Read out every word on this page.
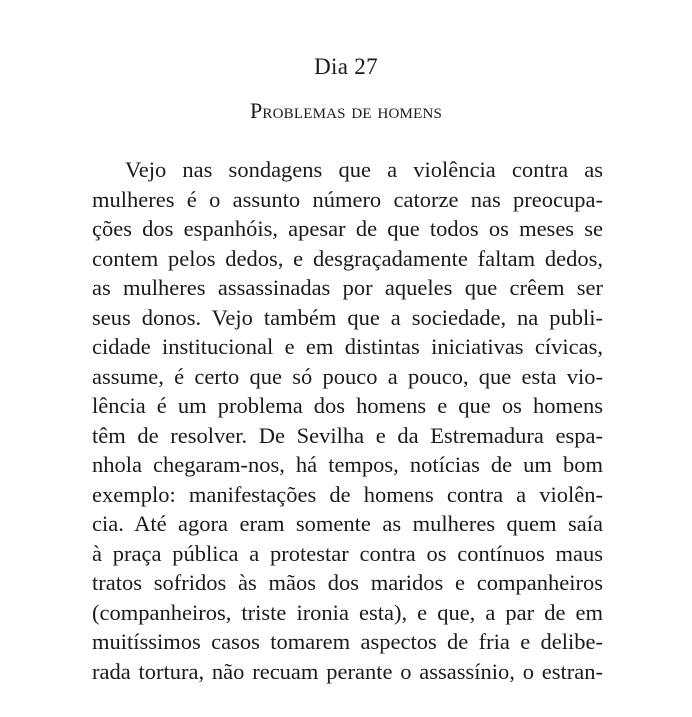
Dia 27
Problemas de homens

Vejo nas sondagens que a violência contra as
mulheres é o assunto número catorze nas preocupa-
ções dos espanhóis, apesar de que todos os meses se
contem pelos dedos, e desgraçadamente faltam dedos,
as mulheres assassinadas por aqueles que crêem ser
seus donos. Vejo também que a sociedade, na publi-
cidade institucional e em distintas iniciativas cívicas,
assume, é certo que só pouco a pouco, que esta vio-
lência é um problema dos homens e que os homens
têm de resolver. De Sevilha e da Estremadura espa-
nhola chegaram-nos, há tempos, notícias de um bom
exemplo: manifestações de homens contra a violên-
cia. Até agora eram somente as mulheres quem saía
à praça pública a protestar contra os contínuos maus
tratos sofridos às mãos dos maridos e companheiros
(companheiros, triste ironia esta), e que, a par de em
muitíssimos casos tomarem aspectos de fria e delibe-
rada tortura, não recuam perante o assassínio, o estran-
